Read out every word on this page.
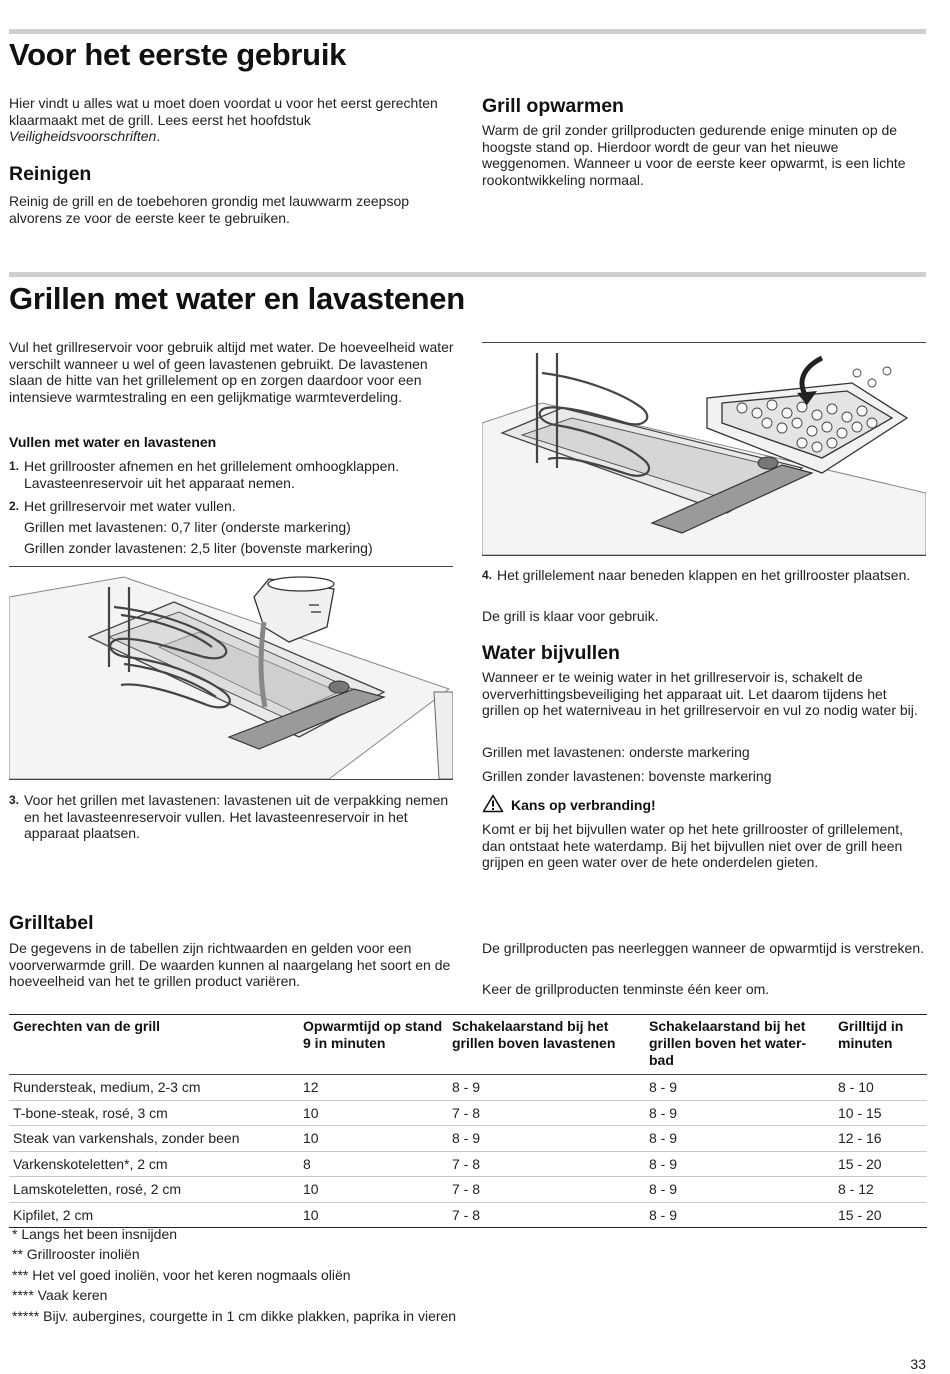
Voor het eerste gebruik

Hier vindt u alles wat u moet doen voordat u voor het eerst gerechten klaarmaakt met de grill. Lees eerst het hoofdstuk Veiligheidsvoorschriften.

Reinigen

Reinig de grill en de toebehoren grondig met lauwwarm zeepsop alvorens ze voor de eerste keer te gebruiken.

Grill opwarmen

Warm de gril zonder grillproducten gedurende enige minuten op de hoogste stand op. Hierdoor wordt de geur van het nieuwe weggenomen. Wanneer u voor de eerste keer opwarmt, is een lichte rookontwikkeling normaal.

Grillen met water en lavastenen

Vul het grillreservoir voor gebruik altijd met water. De hoeveelheid water verschilt wanneer u wel of geen lavastenen gebruikt. De lavastenen slaan de hitte van het grillelement op en zorgen daardoor voor een intensieve warmtestraling en een gelijkmatige warmteverdeling.

Vullen met water en lavastenen
1. Het grillrooster afnemen en het grillelement omhoogklappen. Lavasteenreservoir uit het apparaat nemen.
2. Het grillreservoir met water vullen.

Grillen met lavastenen: 0,7 liter (onderste markering)

Grillen zonder lavastenen: 2,5 liter (bovenste markering)

3. Voor het grillen met lavastenen: lavastenen uit de verpakking nemen en het lavasteenreservoir vullen. Het lavasteenreservoir in het apparaat plaatsen.
4. Het grillelement naar beneden klappen en het grillrooster plaatsen.

De grill is klaar voor gebruik.

Water bijvullen

Wanneer er te weinig water in het grillreservoir is, schakelt de oververhittingsbeveiliging het apparaat uit. Let daarom tijdens het grillen op het waterniveau in het grillreservoir en vul zo nodig water bij.

Grillen met lavastenen: onderste markering

Grillen zonder lavastenen: bovenste markering

Kans op verbranding!

Komt er bij het bijvullen water op het hete grillrooster of grillelement, dan ontstaat hete waterdamp. Bij het bijvullen niet over de grill heen grijpen en geen water over de hete onderdelen gieten.

Grilltabel

De gegevens in de tabellen zijn richtwaarden en gelden voor een voorverwarmde grill. De waarden kunnen al naargelang het soort en de hoeveelheid van het te grillen product variëren.

De grillproducten pas neerleggen wanneer de opwarmtijd is verstreken.

Keer de grillproducten tenminste één keer om.

Gerechten van de grill	Opwarmtijd op stand 9 in minuten	Schakelaarstand bij het grillen boven lavastenen	Schakelaarstand bij het grillen boven het water-bad	Grilltijd in minuten
Rundersteak, medium, 2-3 cm	12	8 - 9	8 - 9	8 - 10
T-bone-steak, rosé, 3 cm	10	7 - 8	8 - 9	10 - 15
Steak van varkenshals, zonder been	10	8 - 9	8 - 9	12 - 16
Varkenskoteletten*, 2 cm	8	7 - 8	8 - 9	15 - 20
Lamskoteletten, rosé, 2 cm	10	7 - 8	8 - 9	8 - 12
Kipfilet, 2 cm	10	7 - 8	8 - 9	15 - 20
* Langs het been insnijden
** Grillrooster inoliën
*** Het vel goed inoliën, voor het keren nogmaals oliën
**** Vaak keren
***** Bijv. aubergines, courgette in 1 cm dikke plakken, paprika in vieren
33
